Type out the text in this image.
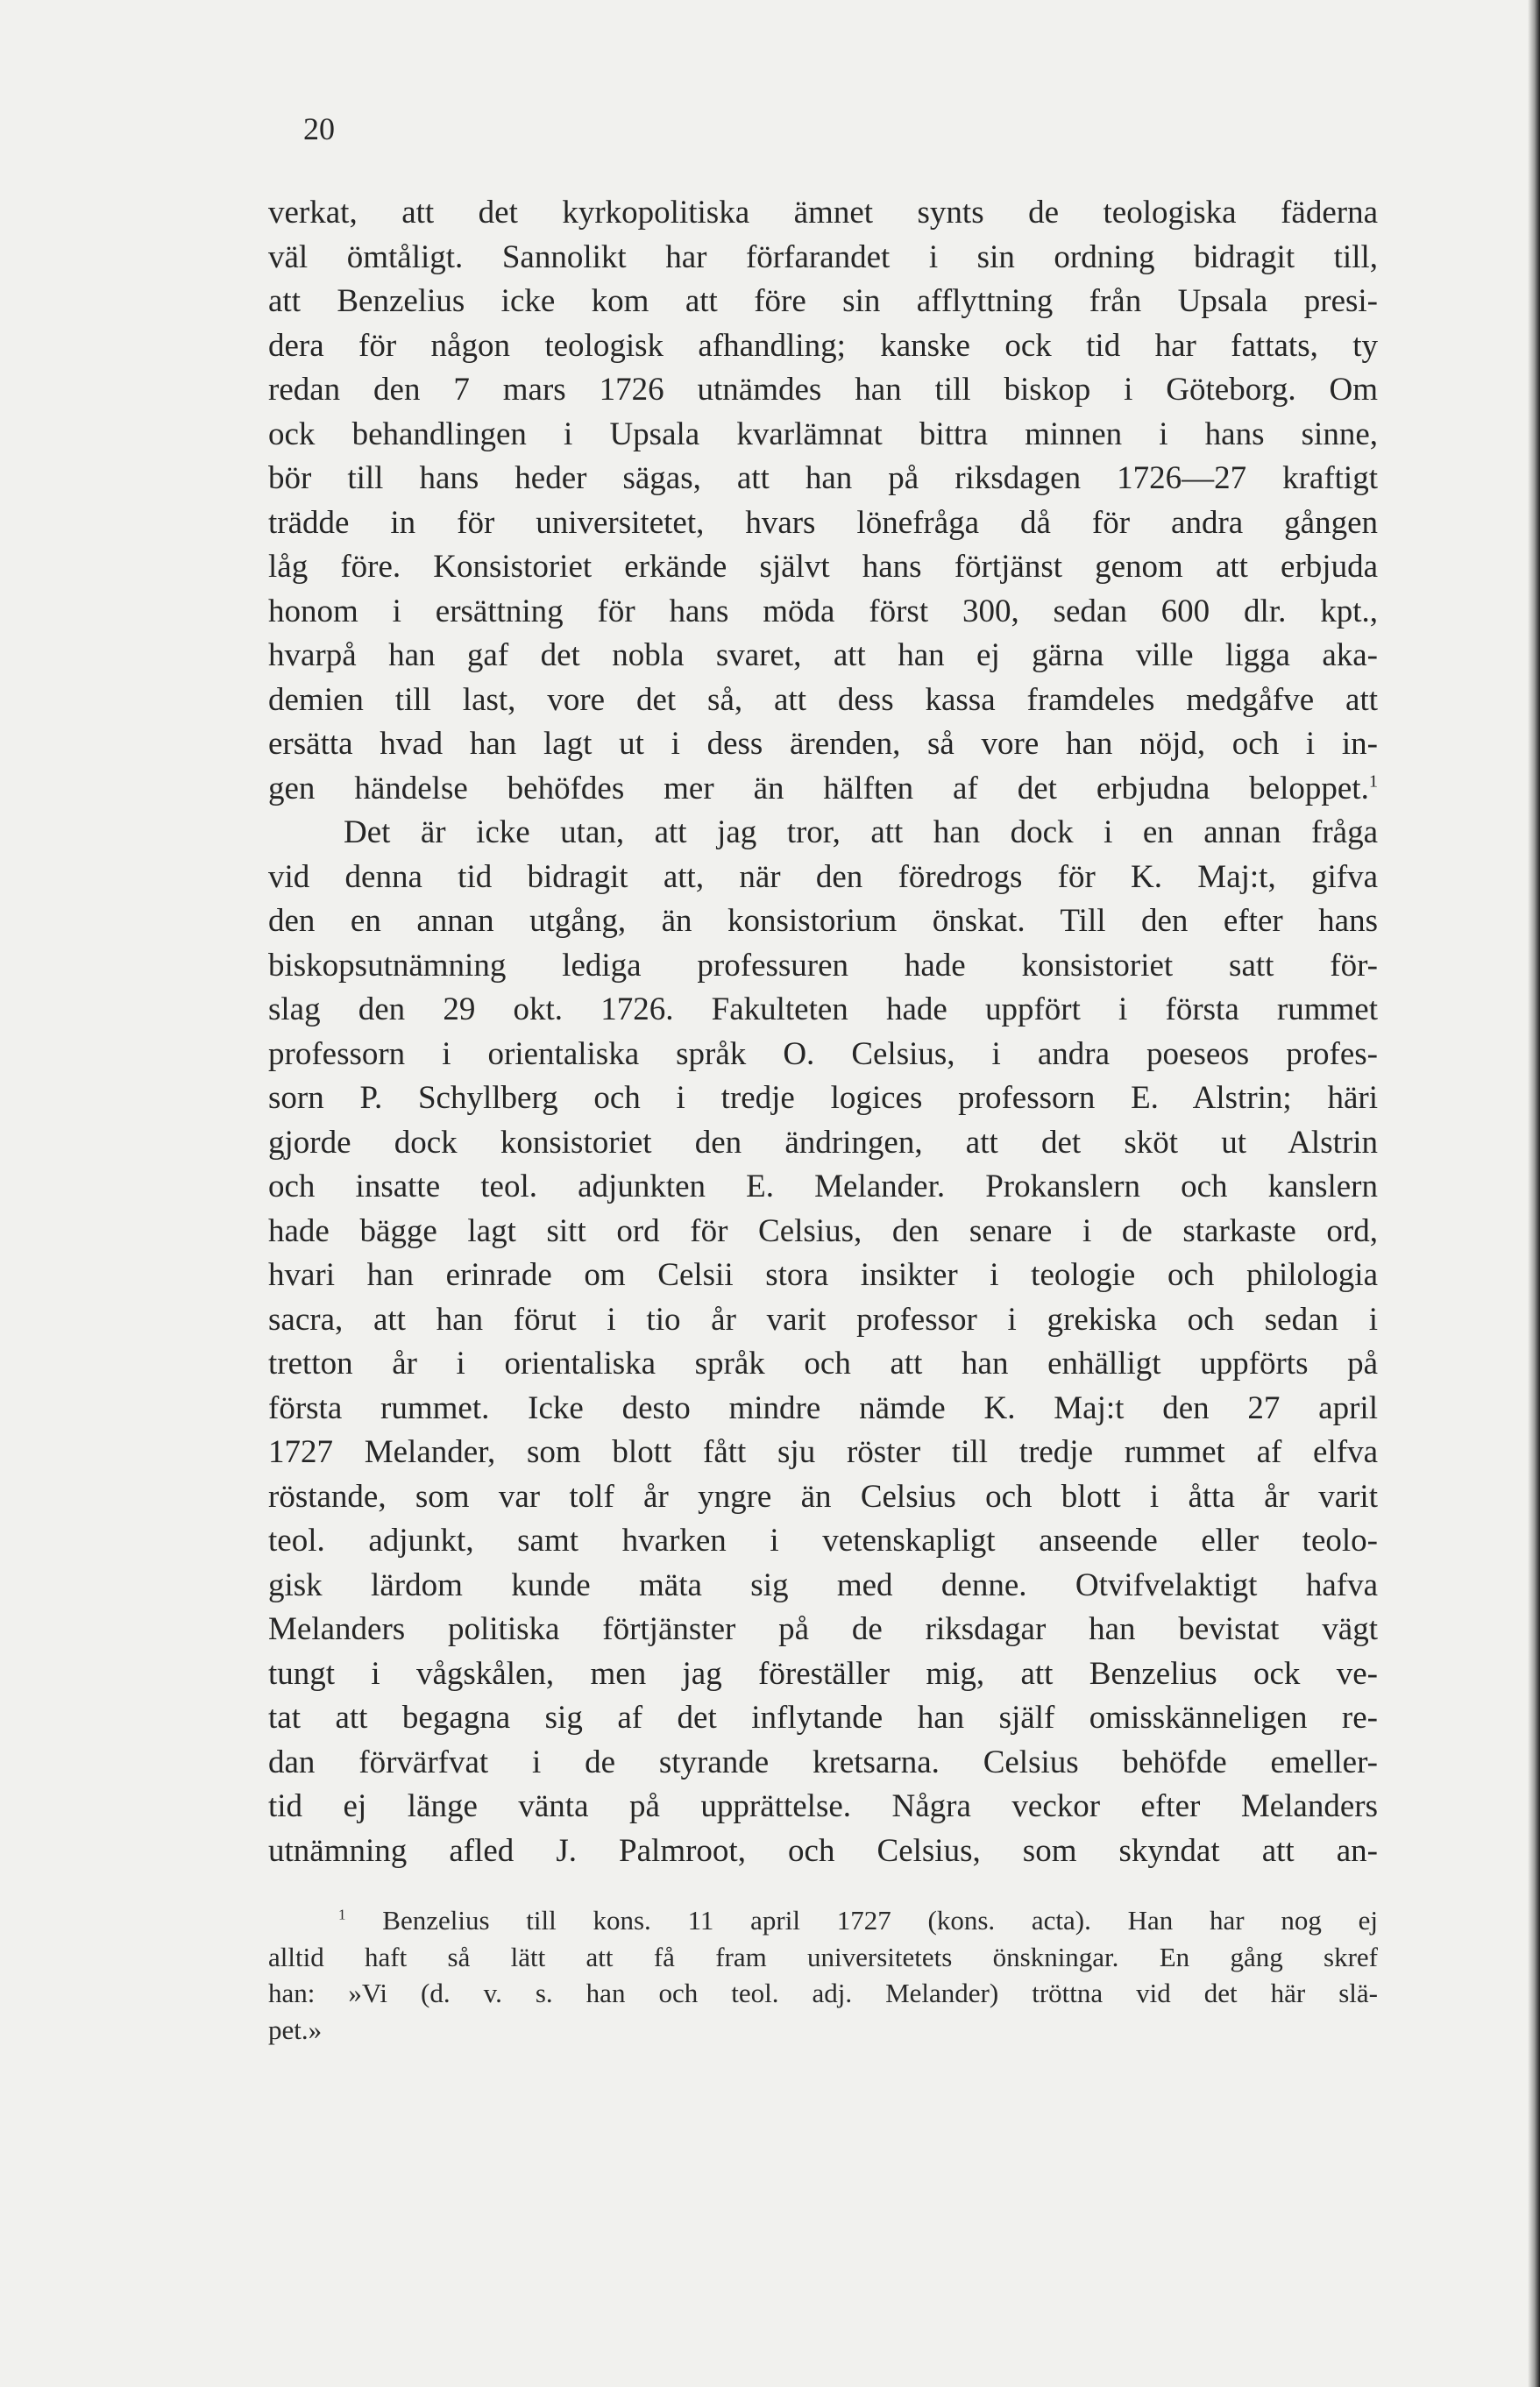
20

verkat, att det kyrkopolitiska ämnet synts de teologiska fäderna
väl ömtåligt. Sannolikt har förfarandet i sin ordning bidragit till,
att Benzelius icke kom att före sin afflyttning från Upsala presi-
dera för någon teologisk afhandling; kanske ock tid har fattats, ty
redan den 7 mars 1726 utnämdes han till biskop i Göteborg. Om
ock behandlingen i Upsala kvarlämnat bittra minnen i hans sinne,
bör till hans heder sägas, att han på riksdagen 1726—27 kraftigt
trädde in för universitetet, hvars lönefråga då för andra gången
låg före. Konsistoriet erkände självt hans förtjänst genom att erbjuda
honom i ersättning för hans möda först 300, sedan 600 dlr. kpt.,
hvarpå han gaf det nobla svaret, att han ej gärna ville ligga aka-
demien till last, vore det så, att dess kassa framdeles medgåfve att
ersätta hvad han lagt ut i dess ärenden, så vore han nöjd, och i in-
gen händelse behöfdes mer än hälften af det erbjudna beloppet.$^1$
Det är icke utan, att jag tror, att han dock i en annan fråga
vid denna tid bidragit att, när den föredrogs för K. Maj:t, gifva
den en annan utgång, än konsistorium önskat. Till den efter hans
biskopsutnämning lediga professuren hade konsistoriet satt för-
slag den 29 okt. 1726. Fakulteten hade uppfört i första rummet
professorn i orientaliska språk O. Celsius, i andra poeseos profes-
sorn P. Schyllberg och i tredje logices professorn E. Alstrin; häri
gjorde dock konsistoriet den ändringen, att det sköt ut Alstrin
och insatte teol. adjunkten E. Melander. Prokanslern och kanslern
hade bägge lagt sitt ord för Celsius, den senare i de starkaste ord,
hvari han erinrade om Celsii stora insikter i teologie och philologia
sacra, att han förut i tio år varit professor i grekiska och sedan i
tretton år i orientaliska språk och att han enhälligt uppförts på
första rummet. Icke desto mindre nämde K. Maj:t den 27 april
1727 Melander, som blott fått sju röster till tredje rummet af elfva
röstande, som var tolf år yngre än Celsius och blott i åtta år varit
teol. adjunkt, samt hvarken i vetenskapligt anseende eller teolo-
gisk lärdom kunde mäta sig med denne. Otvifvelaktigt hafva
Melanders politiska förtjänster på de riksdagar han bevistat vägt
tungt i vågskålen, men jag föreställer mig, att Benzelius ock ve-
tat att begagna sig af det inflytande han själf omisskänneligen re-
dan förvärfvat i de styrande kretsarna. Celsius behöfde emeller-
tid ej länge vänta på upprättelse. Några veckor efter Melanders
utnämning afled J. Palmroot, och Celsius, som skyndat att an-
$^1$ Benzelius till kons. 11 april 1727 (kons. acta). Han har nog ej
alltid haft så lätt att få fram universitetets önskningar. En gång skref
han: »Vi (d. v. s. han och teol. adj. Melander) tröttna vid det här slä-
pet.»
